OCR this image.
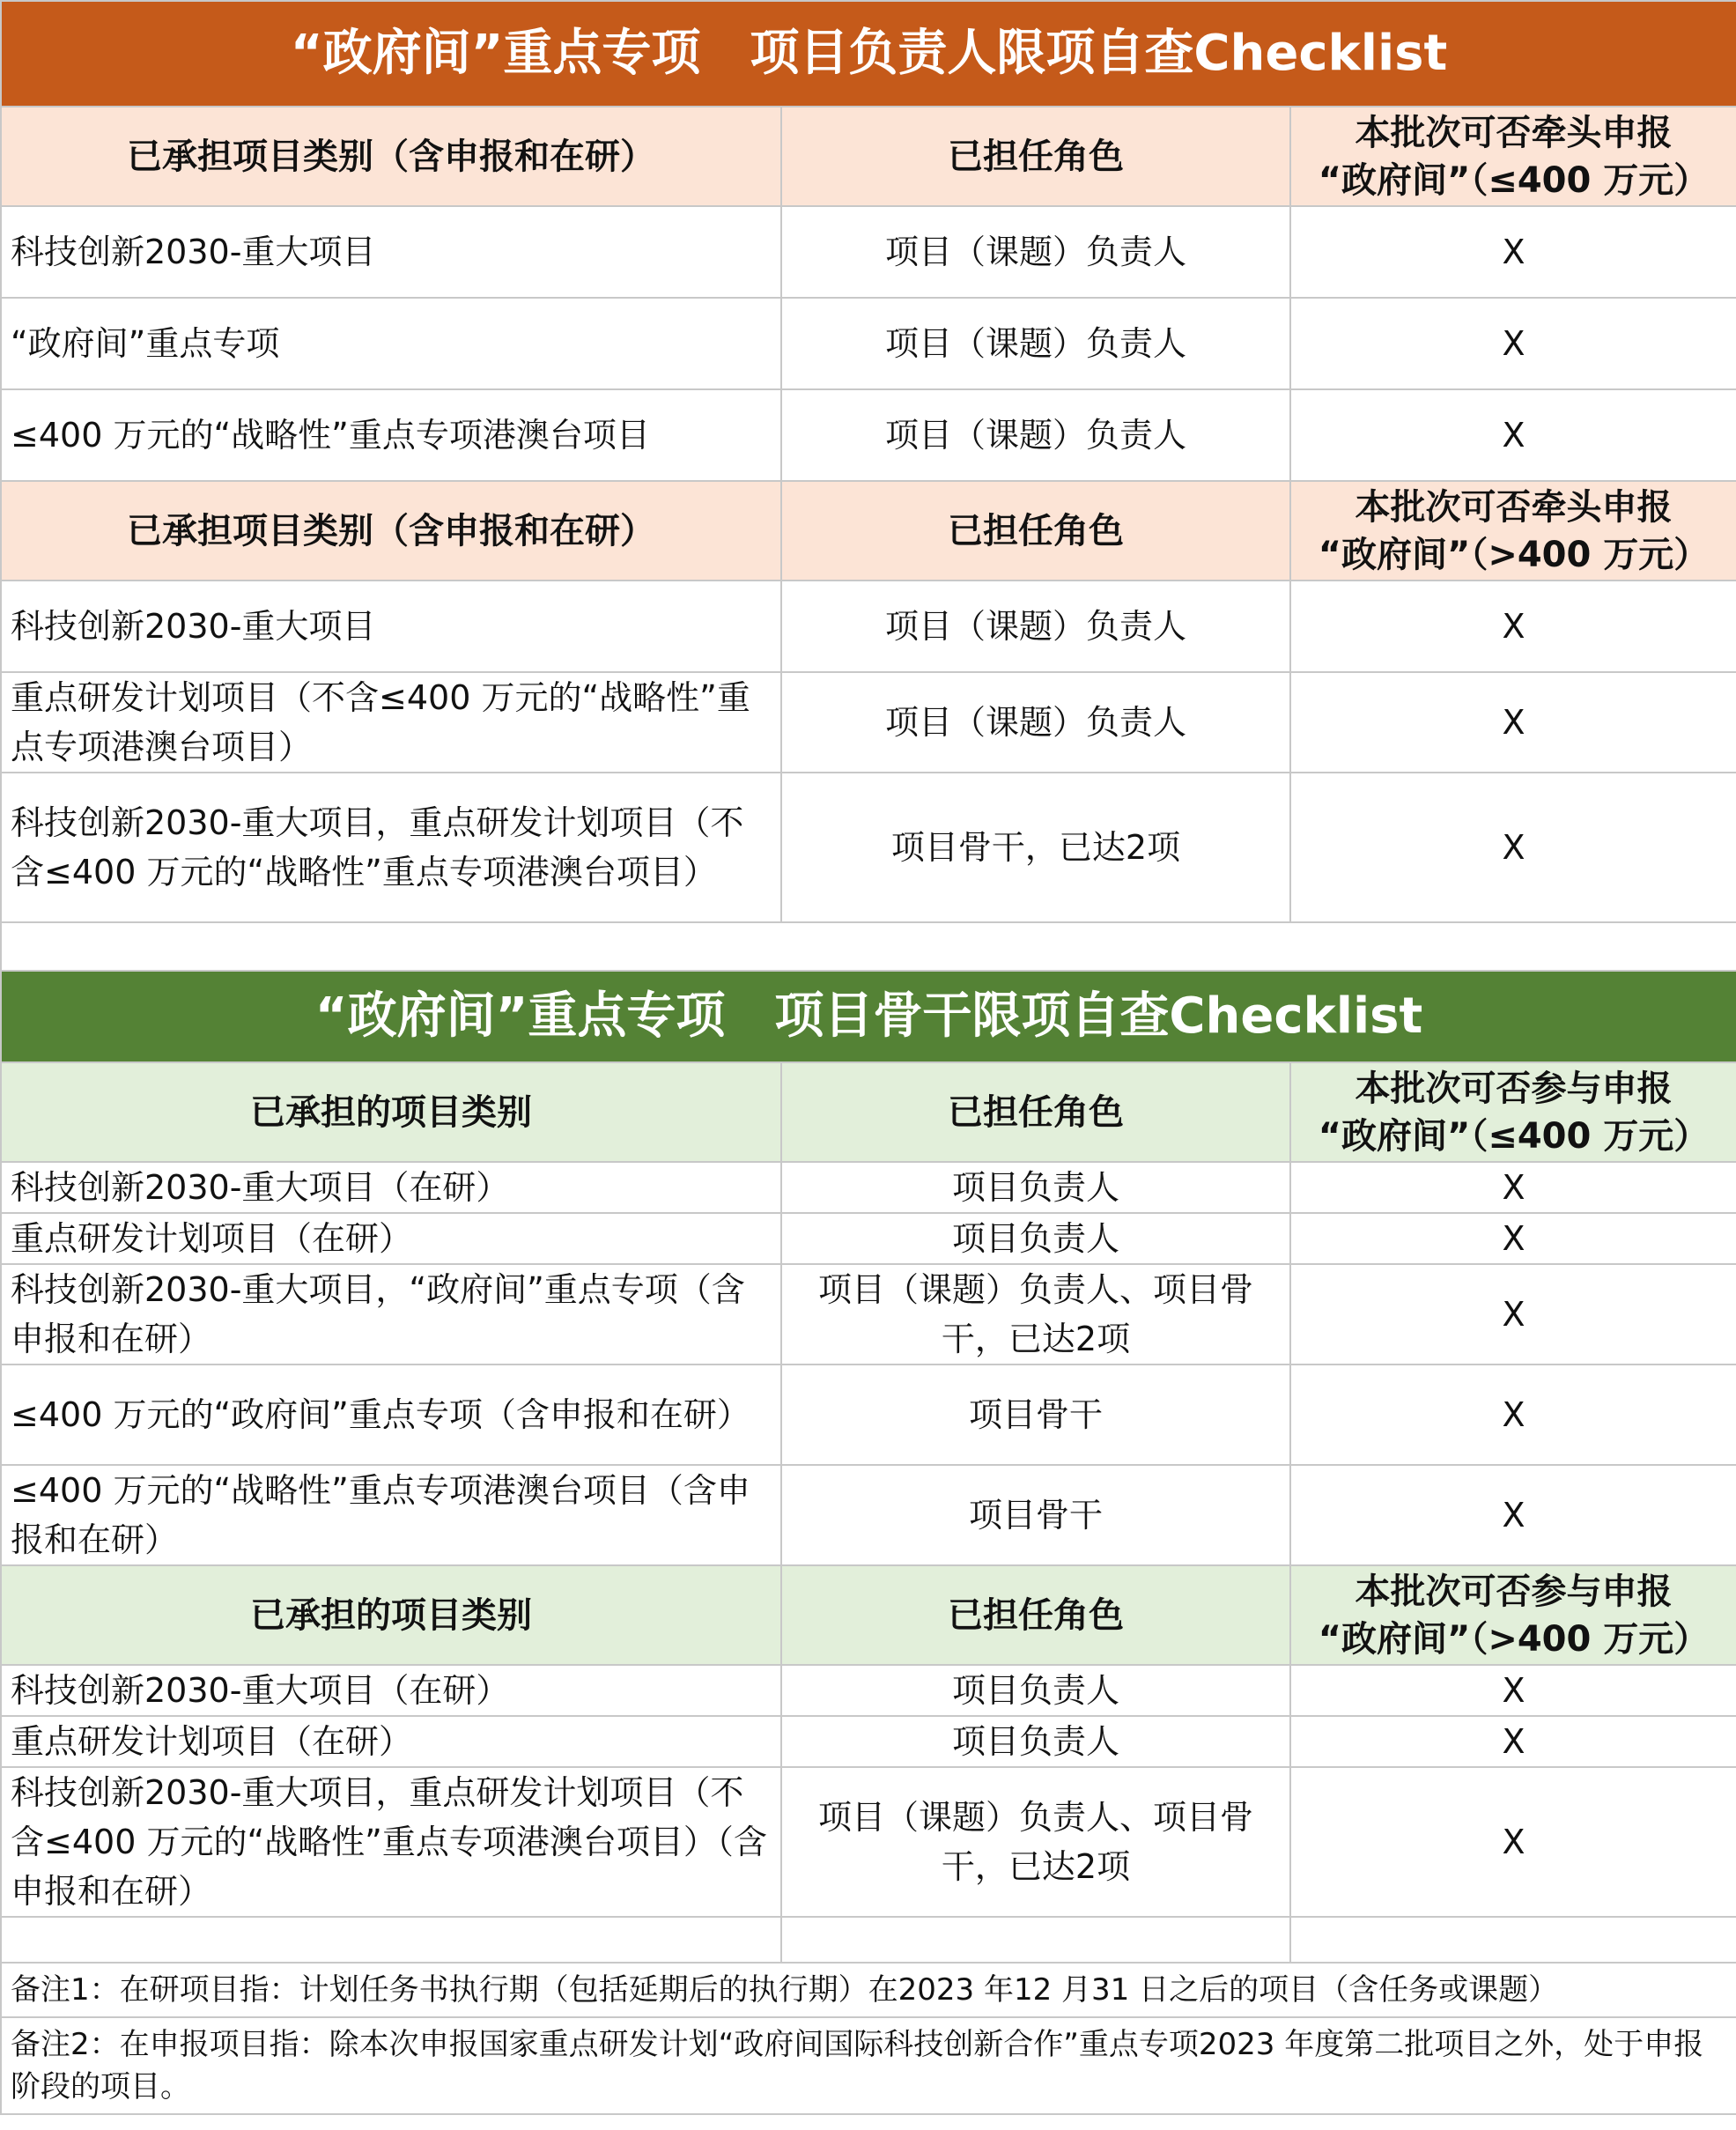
“政府间”重点专项　项目负责人限项自查Checklist		
已承担项目类别（含申报和在研）	已担任角色	本批次可否牵头申报
“政府间”（≤400 万元）

科技创新2030-重大项目	项目（课题）负责人	X
“政府间”重点专项	项目（课题）负责人	X
≤400 万元的“战略性”重点专项港澳台项目	项目（课题）负责人	X
已承担项目类别（含申报和在研）	已担任角色	本批次可否牵头申报
“政府间”（>400 万元）

科技创新2030-重大项目	项目（课题）负责人	X
重点研发计划项目（不含≤400 万元的“战略性”重点专项港澳台项目）	项目（课题）负责人	X
科技创新2030-重大项目，重点研发计划项目（不含≤400 万元的“战略性”重点专项港澳台项目）	项目骨干，已达2项	X

“政府间”重点专项　项目骨干限项自查Checklist		
已承担的项目类别	已担任角色	本批次可否参与申报
“政府间”（≤400 万元）

科技创新2030-重大项目（在研）	项目负责人	X
重点研发计划项目（在研）	项目负责人	X
科技创新2030-重大项目，“政府间”重点专项（含申报和在研）	项目（课题）负责人、项目骨干，已达2项	X
≤400 万元的“政府间”重点专项（含申报和在研）	项目骨干	X
≤400 万元的“战略性”重点专项港澳台项目（含申报和在研）	项目骨干	X
已承担的项目类别	已担任角色	本批次可否参与申报
“政府间”（>400 万元）

科技创新2030-重大项目（在研）	项目负责人	X
重点研发计划项目（在研）	项目负责人	X
科技创新2030-重大项目，重点研发计划项目（不含≤400 万元的“战略性”重点专项港澳台项目）（含申报和在研）	项目（课题）负责人、项目骨干，已达2项	X

备注1：在研项目指：计划任务书执行期（包括延期后的执行期）在2023 年12 月31 日之后的项目（含任务或课题）		
备注2：在申报项目指：除本次申报国家重点研发计划“政府间国际科技创新合作”重点专项2023 年度第二批项目之外，处于申报阶段的项目。		
